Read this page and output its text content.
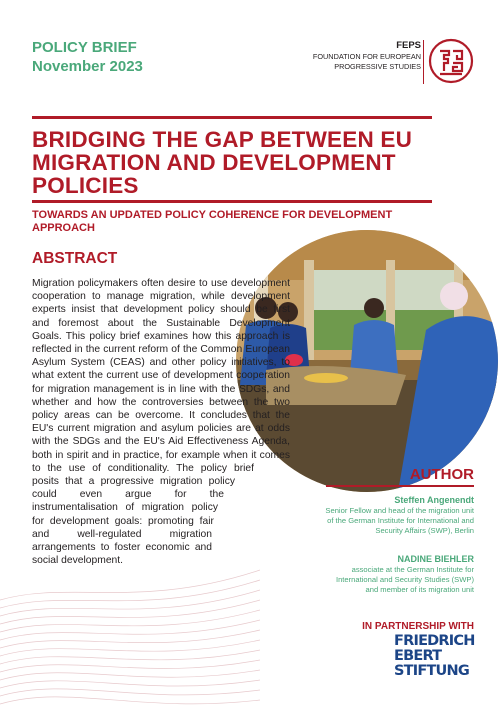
POLICY BRIEF
November 2023
FEPS
FOUNDATION FOR EUROPEAN
PROGRESSIVE STUDIES
BRIDGING THE GAP BETWEEN EU MIGRATION AND DEVELOPMENT POLICIES
TOWARDS AN UPDATED POLICY COHERENCE FOR DEVELOPMENT APPROACH
ABSTRACT
Migration policymakers often desire to use development cooperation to manage migration, while development experts insist that development policy should be first and foremost about the Sustainable Development Goals. This policy brief examines how this approach is reflected in the current reform of the Common European Asylum System (CEAS) and other policy initiatives, to what extent the current use of development cooperation for migration management is in line with the SDGs, and whether and how the controversies between the two policy areas can be overcome. It concludes that the EU's current migration and asylum policies are at odds with the SDGs and the EU's Aid Effectiveness Agenda, both in spirit and in practice, for example when it comes to the use of conditionality. The policy brief posits that a progressive migration policy could even argue for the instrumentalisation of migration policy for development goals: promoting fair and well-regulated migration arrangements to foster economic and social development.
AUTHOR
Steffen Angenendt
Senior Fellow and head of the migration unit of the German Institute for International and Security Affairs (SWP), Berlin
NADINE BIEHLER
associate at the German Institute for International and Security Studies (SWP) and member of its migration unit
IN PARTNERSHIP WITH
FRIEDRICH
EBERT
STIFTUNG
